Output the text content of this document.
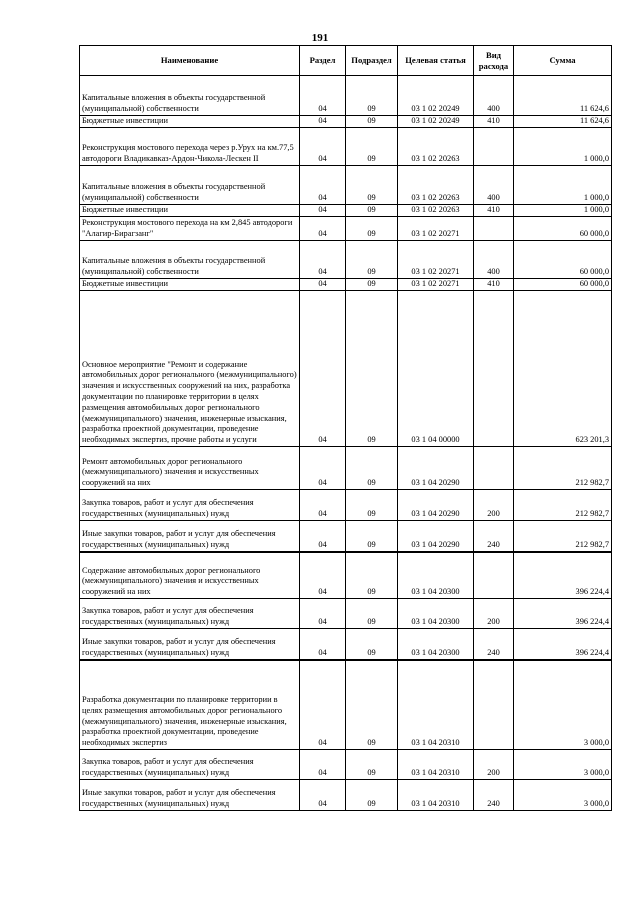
191
Наименование	Раздел	Подраздел	Целевая статья	Вид расхода	Сумма
Капитальные вложения в объекты государственной (муниципальной) собственности	04	09	03 1 02 20249	400	11 624,6
Бюджетные инвестиции	04	09	03 1 02 20249	410	11 624,6
Реконструкция мостового перехода через р.Урух на км.77,5 автодороги Владикавказ-Ардон-Чикола-Лескен II	04	09	03 1 02 20263		1 000,0
Капитальные вложения в объекты государственной (муниципальной) собственности	04	09	03 1 02 20263	400	1 000,0
Бюджетные инвестиции	04	09	03 1 02 20263	410	1 000,0
Реконструкция мостового перехода на км 2,845 автодороги "Алагир-Бирагзанг"	04	09	03 1 02 20271		60 000,0
Капитальные вложения в объекты государственной (муниципальной) собственности	04	09	03 1 02 20271	400	60 000,0
Бюджетные инвестиции	04	09	03 1 02 20271	410	60 000,0
Основное мероприятие "Ремонт и содержание автомобильных дорог регионального (межмуниципального) значения и искусственных сооружений на них, разработка документации по планировке территории в целях размещения автомобильных дорог регионального (межмуниципального) значения, инженерные изыскания, разработка проектной документации, проведение необходимых экспертиз, прочие работы и услуги	04	09	03 1 04 00000		623 201,3
Ремонт автомобильных дорог регионального (межмуниципального) значения и искусственных сооружений на них	04	09	03 1 04 20290		212 982,7
Закупка товаров, работ и услуг для обеспечения государственных (муниципальных) нужд	04	09	03 1 04 20290	200	212 982,7
Иные закупки товаров, работ и услуг для обеспечения государственных (муниципальных) нужд	04	09	03 1 04 20290	240	212 982,7
Содержание автомобильных дорог регионального (межмуниципального) значения и искусственных сооружений на них	04	09	03 1 04 20300		396 224,4
Закупка товаров, работ и услуг для обеспечения государственных (муниципальных) нужд	04	09	03 1 04 20300	200	396 224,4
Иные закупки товаров, работ и услуг для обеспечения государственных (муниципальных) нужд	04	09	03 1 04 20300	240	396 224,4
Разработка документации по планировке территории в целях размещения автомобильных дорог регионального (межмуниципального) значения, инженерные изыскания, разработка проектной документации, проведение необходимых экспертиз	04	09	03 1 04 20310		3 000,0
Закупка товаров, работ и услуг для обеспечения государственных (муниципальных) нужд	04	09	03 1 04 20310	200	3 000,0
Иные закупки товаров, работ и услуг для обеспечения государственных (муниципальных) нужд	04	09	03 1 04 20310	240	3 000,0
